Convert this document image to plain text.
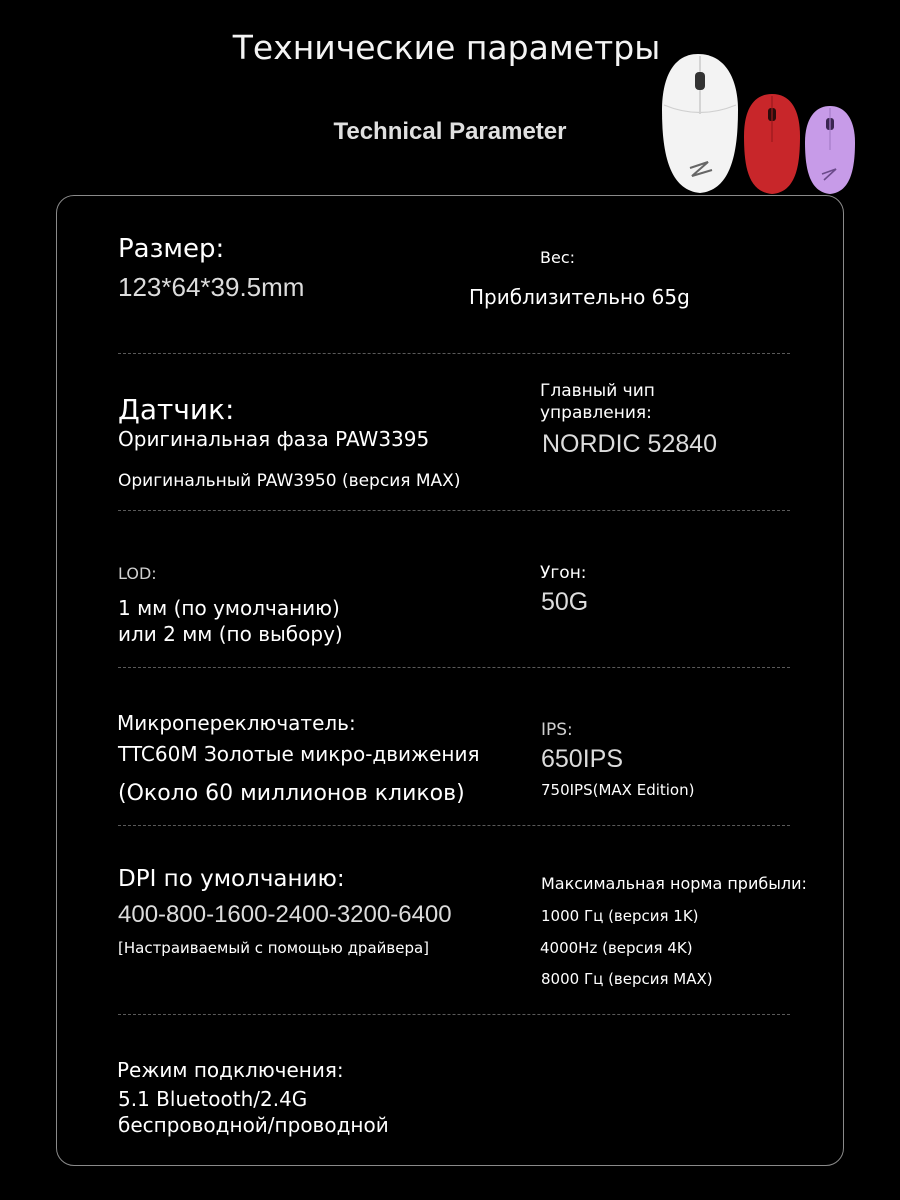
Технические параметры
Technical Parameter
Размер:
123*64*39.5mm
Вес:
Приблизительно 65g
Датчик:
Оригинальная фаза PAW3395
Оригинальный PAW3950 (версия MAX)
Главный чип
управления:
NORDIC 52840
LOD:
1 мм (по умолчанию)
или 2 мм (по выбору)
Угон:
50G
Микропереключатель:
TTC60M Золотые микро-движения
(Около 60 миллионов кликов)
IPS:
650IPS
750IPS(MAX Edition)
DPI по умолчанию:
400-800-1600-2400-3200-6400
[Настраиваемый с помощью драйвера]
Максимальная норма прибыли:
1000 Гц (версия 1K)
4000Hz (версия 4K)
8000 Гц (версия MAX)
Режим подключения:
5.1 Bluetooth/2.4G
беспроводной/проводной
